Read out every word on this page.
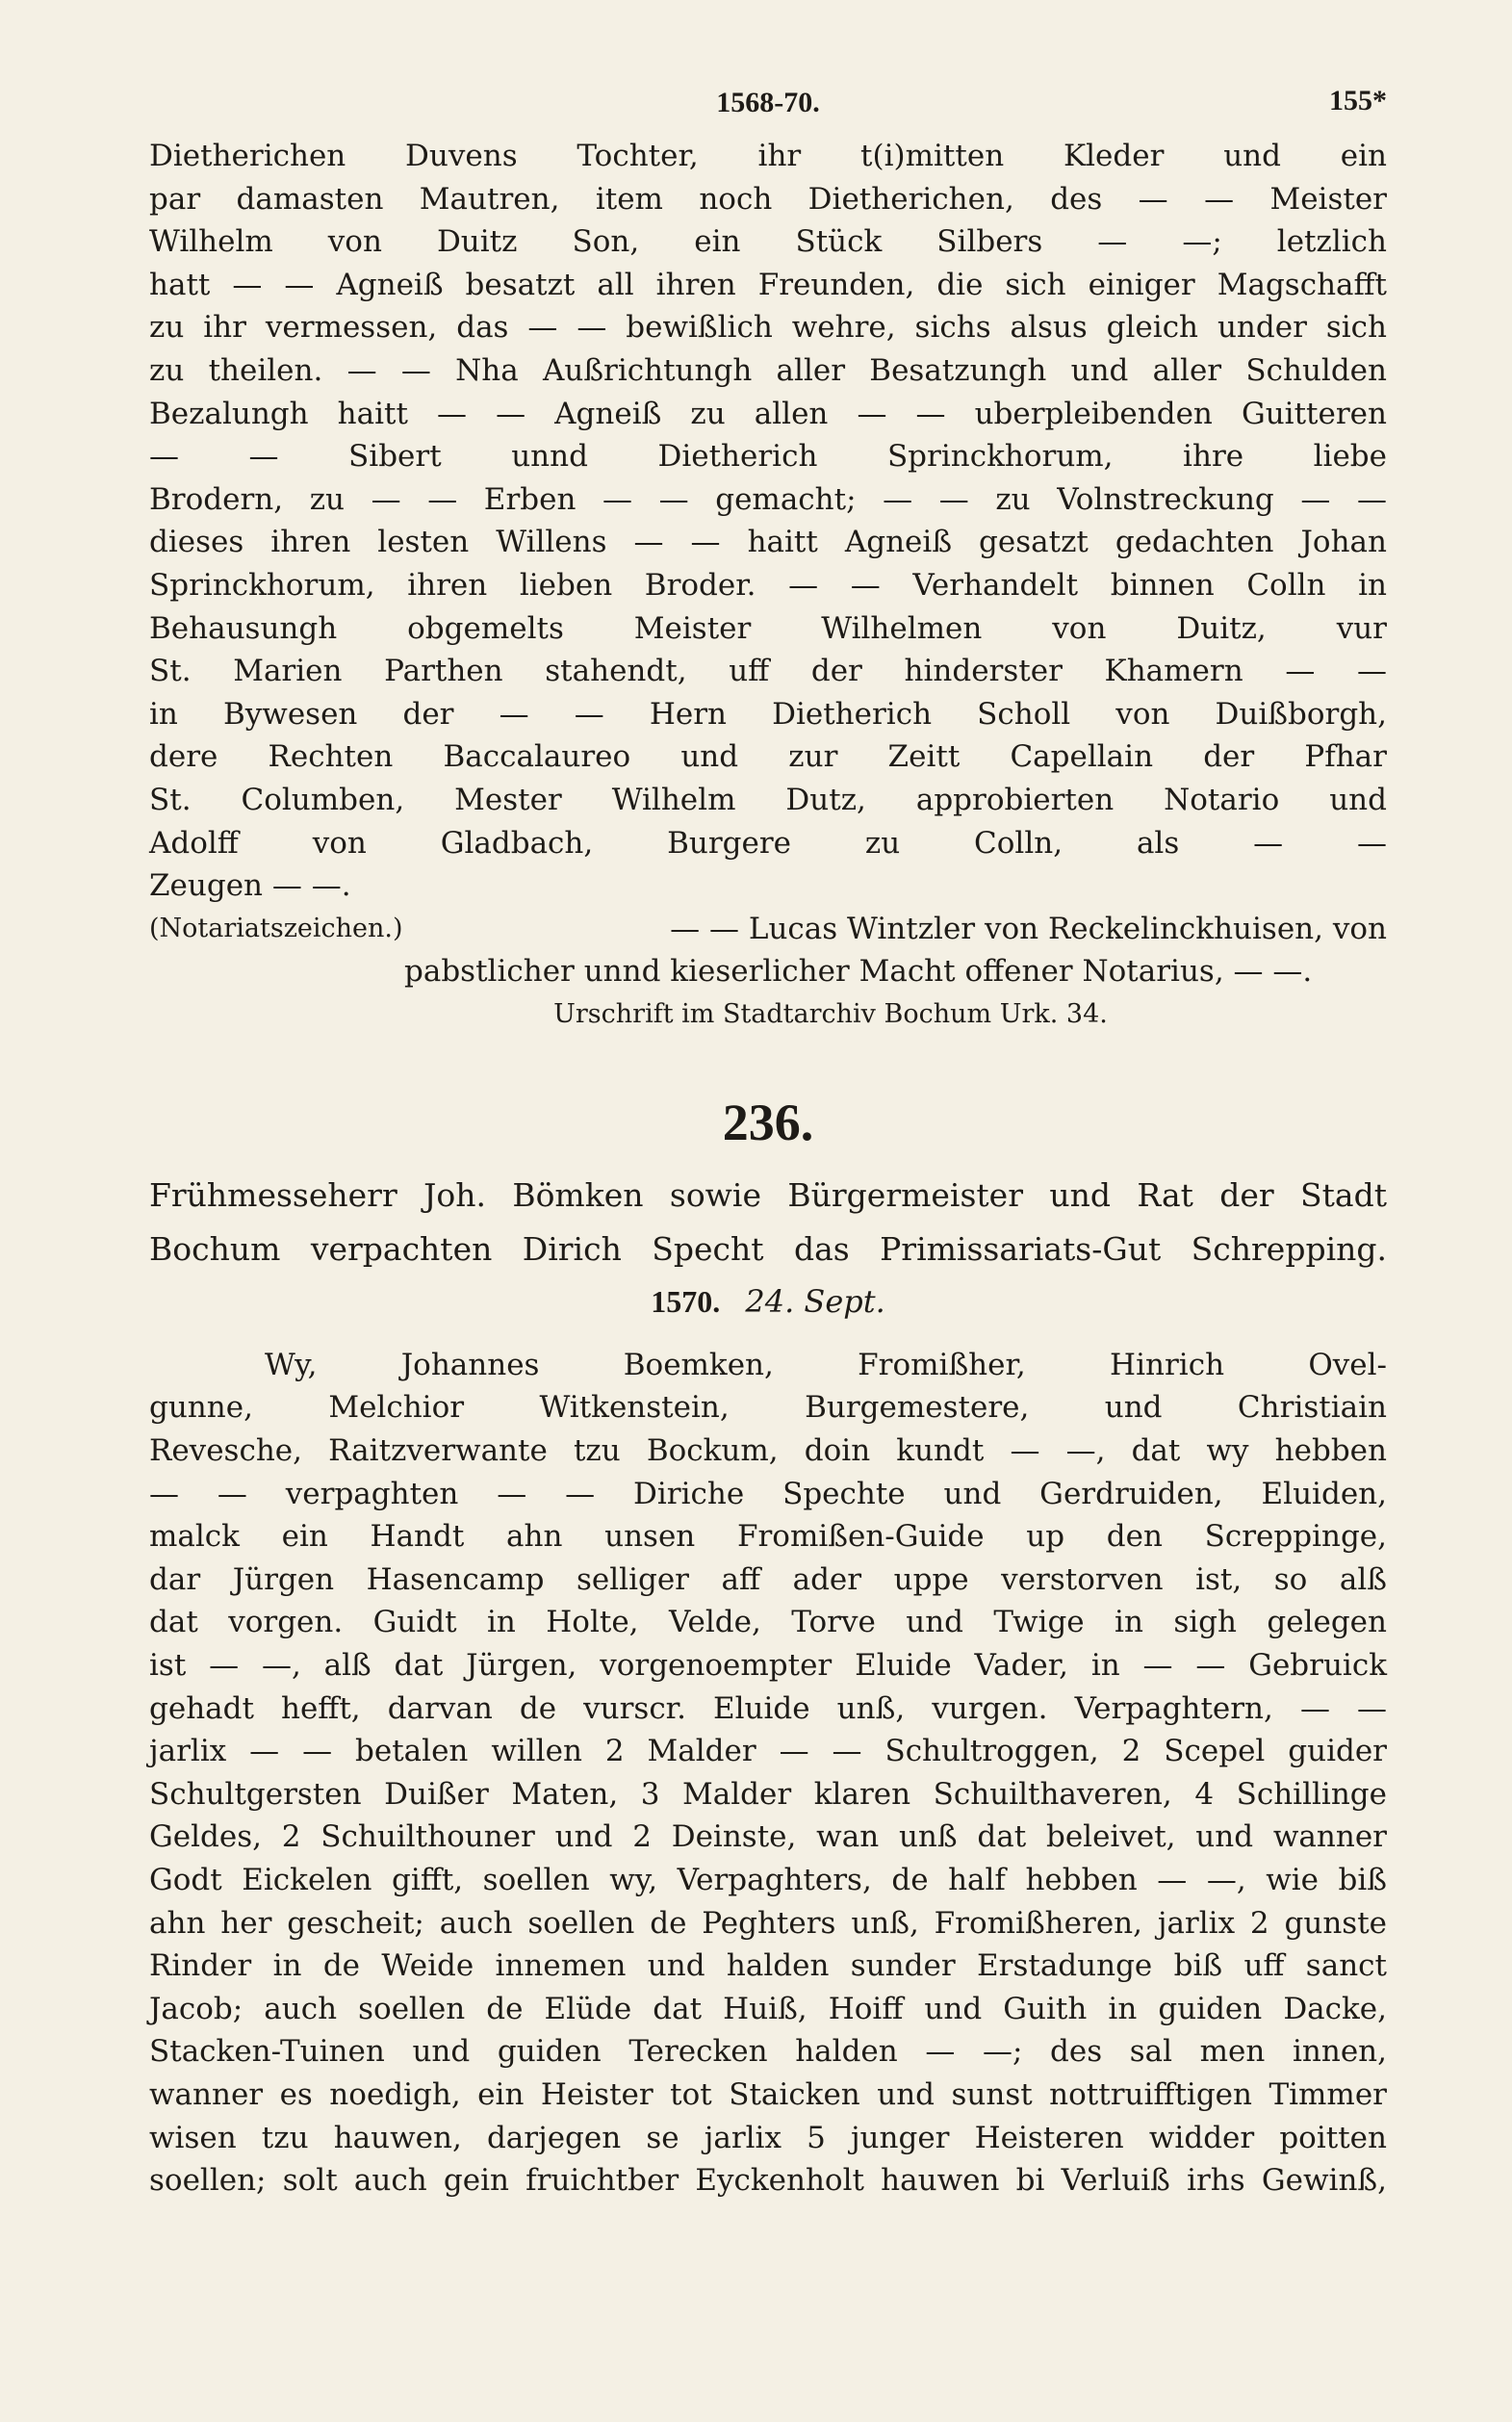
1568-70.	155*
Dietherichen Duvens Tochter, ihr t(i)mitten Kleder und ein
par damasten Mautren, item noch Dietherichen, des — — Meister
Wilhelm von Duitz Son, ein Stück Silbers — —; letzlich
hatt — — Agneiß besatzt all ihren Freunden, die sich einiger Magschafft
zu ihr vermessen, das — — bewißlich wehre, sichs alsus gleich under sich
zu theilen. — — Nha Außrichtungh aller Besatzungh und aller Schulden
Bezalungh haitt — — Agneiß zu allen — — uberpleibenden Guitteren
— — Sibert unnd Dietherich Sprinckhorum, ihre liebe
Brodern, zu — — Erben — — gemacht; — — zu Volnstreckung — —
dieses ihren lesten Willens — — haitt Agneiß gesatzt gedachten Johan
Sprinckhorum, ihren lieben Broder. — — Verhandelt binnen Colln in
Behausungh obgemelts Meister Wilhelmen von Duitz, vur
St. Marien Parthen stahendt, uff der hinderster Khamern — —
in Bywesen der — — Hern Dietherich Scholl von Duißborgh,
dere Rechten Baccalaureo und zur Zeitt Capellain der Pfhar
St. Columben, Mester Wilhelm Dutz, approbierten Notario und
Adolff von Gladbach, Burgere zu Colln, als — —
Zeugen — —.
(Notariatszeichen.)	— — Lucas Wintzler von Reckelinckhuisen, von
pabstlicher unnd kieserlicher Macht offener Notarius, — —.
Urschrift im Stadtarchiv Bochum Urk. 34.
236.
Frühmesseherr Joh. Bömken sowie Bürgermeister und Rat der Stadt
Bochum verpachten Dirich Specht das Primissariats-Gut Schrepping.
1570. 24. Sept.
Wy, Johannes Boemken, Fromißher, Hinrich Ovel-
gunne, Melchior Witkenstein, Burgemestere, und Christiain
Revesche, Raitzverwante tzu Bockum, doin kundt — —, dat wy hebben
— — verpaghten — — Diriche Spechte und Gerdruiden, Eluiden,
malck ein Handt ahn unsen Fromißen-Guide up den Screppinge,
dar Jürgen Hasencamp selliger aff ader uppe verstorven ist, so alß
dat vorgen. Guidt in Holte, Velde, Torve und Twige in sigh gelegen
ist — —, alß dat Jürgen, vorgenoempter Eluide Vader, in — — Gebruick
gehadt hefft, darvan de vurscr. Eluide unß, vurgen. Verpaghtern, — —
jarlix — — betalen willen 2 Malder — — Schultroggen, 2 Scepel guider
Schultgersten Duißer Maten, 3 Malder klaren Schuilthaveren, 4 Schillinge
Geldes, 2 Schuilthouner und 2 Deinste, wan unß dat beleivet, und wanner
Godt Eickelen gifft, soellen wy, Verpaghters, de half hebben — —, wie biß
ahn her gescheit; auch soellen de Peghters unß, Fromißheren, jarlix 2 gunste
Rinder in de Weide innemen und halden sunder Erstadunge biß uff sanct
Jacob; auch soellen de Elüde dat Huiß, Hoiff und Guith in guiden Dacke,
Stacken-Tuinen und guiden Terecken halden — —; des sal men innen,
wanner es noedigh, ein Heister tot Staicken und sunst nottruifftigen Timmer
wisen tzu hauwen, darjegen se jarlix 5 junger Heisteren widder poitten
soellen; solt auch gein fruichtber Eyckenholt hauwen bi Verluiß irhs Gewinß,
